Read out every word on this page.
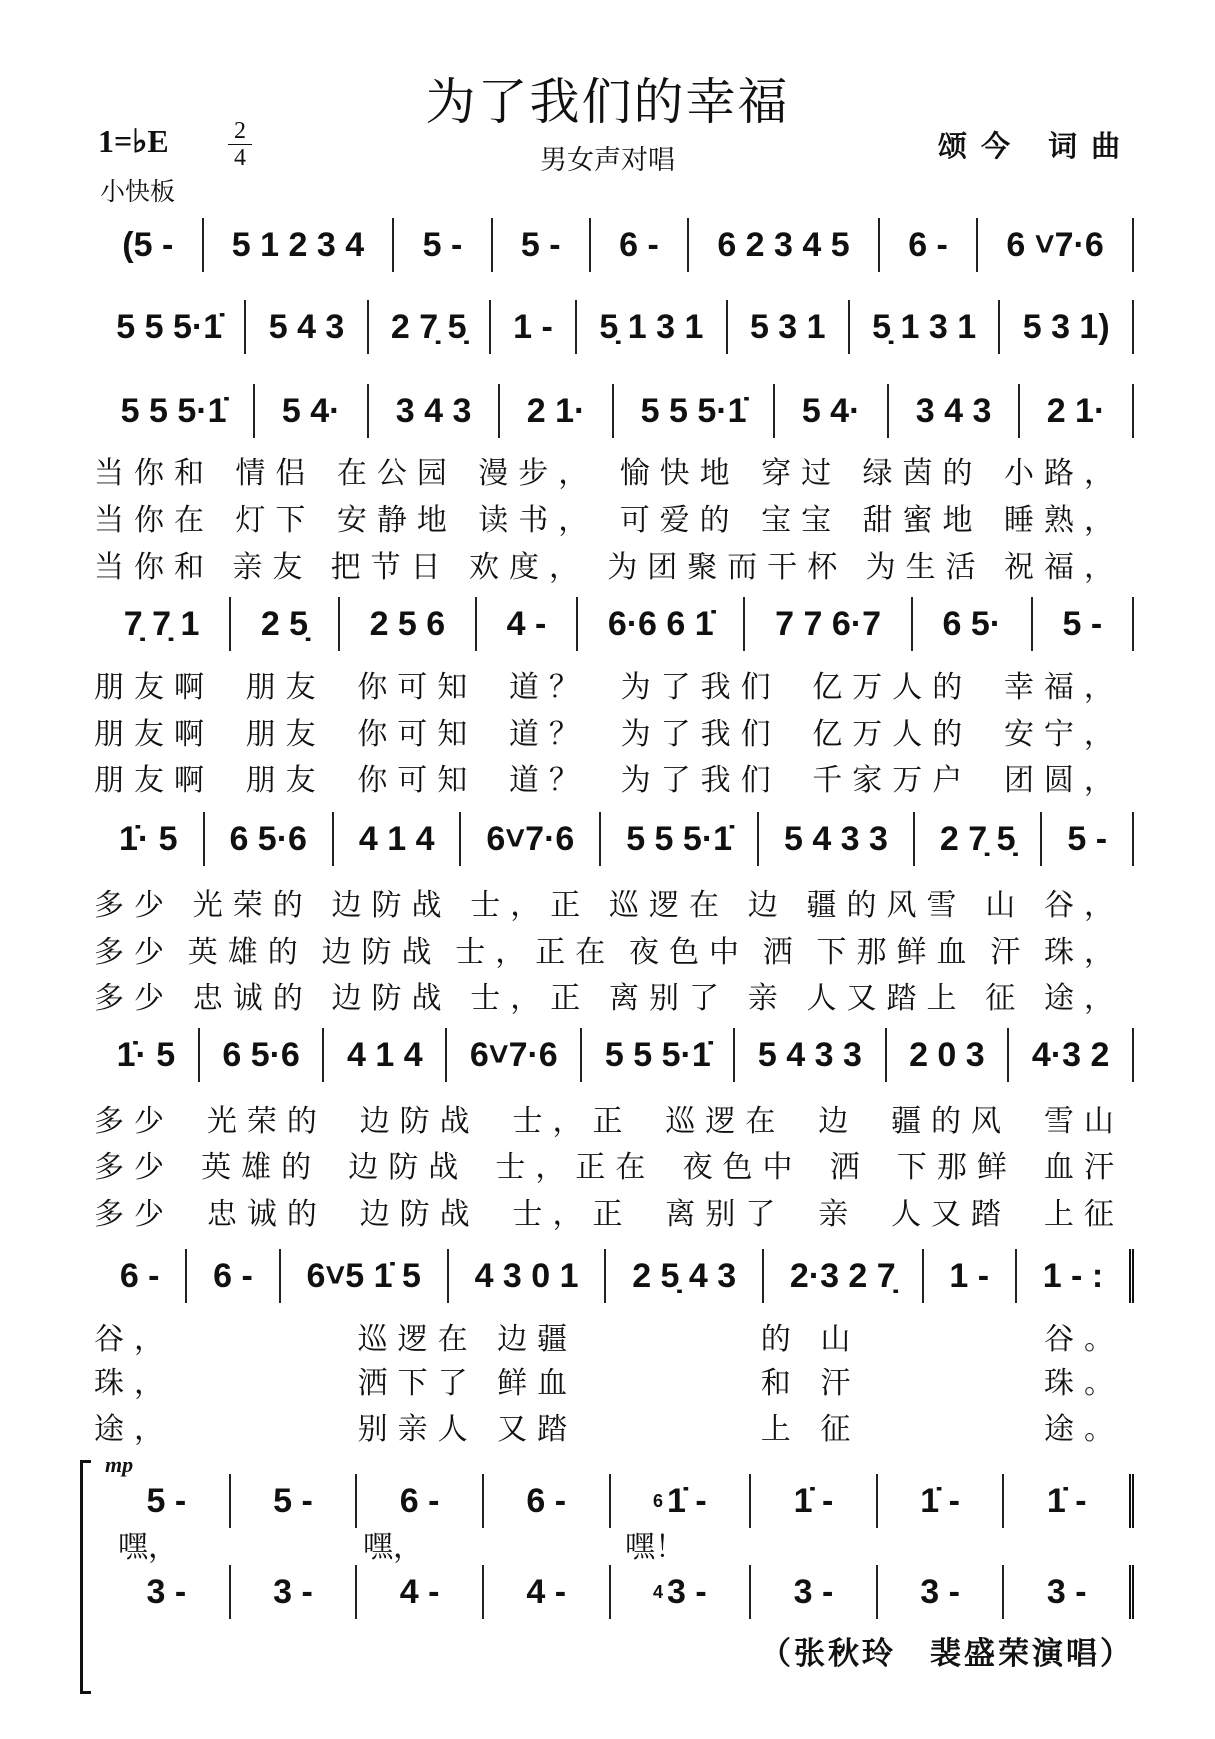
为了我们的幸福
1=♭E	2
4	男女声对唱	颂今 词曲
小快板
(5 -	5 1 2 3 4	5 -	5 -	6 -	6 2 3 4 5	6 -	6 ˅7·6
5 5 5·1̇	5 4 3	2 7̣ 5̣	1 -	5̣ 1 3 1	5 3 1	5̣ 1 3 1	5 3 1)
5 5 5·1̇	5 4·	3 4 3	2 1·	5 5 5·1̇	5 4·	3 4 3	2 1·
当你和 情侣 在公园 漫步， 愉快地 穿过 绿茵的 小路，
当你在 灯下 安静地 读书， 可爱的 宝宝 甜蜜地 睡熟，
当你和 亲友 把节日 欢度， 为团聚而干杯 为生活 祝福，
7̣ 7̣ 1	2 5̣	2 5 6	4 -	6·6 6 1̇	7 7 6·7	6 5·	5 -
朋友啊 朋友 你可知 道？ 为了我们 亿万人的 幸福，
朋友啊 朋友 你可知 道？ 为了我们 亿万人的 安宁，
朋友啊 朋友 你可知 道？ 为了我们 千家万户 团圆，
1̇· 5	6 5·6	4 1 4	6˅7·6	5 5 5·1̇	5 4 3 3	2 7̣ 5̣	5 -
多少 光荣的 边防战 士，正 巡逻在 边 疆的风雪 山 谷，
多少 英雄的 边防战 士，正在 夜色中 洒 下那鲜血 汗 珠，
多少 忠诚的 边防战 士，正 离别了 亲 人又踏上 征 途，
1̇· 5	6 5·6	4 1 4	6˅7·6	5 5 5·1̇	5 4 3 3	2 0 3	4·3 2
多少 光荣的 边防战 士，正 巡逻在 边 疆的风 雪山
多少 英雄的 边防战 士，正在 夜色中 洒 下那鲜 血汗
多少 忠诚的 边防战 士，正 离别了 亲 人又踏 上征
6 -	6 -	6˅5 1̇ 5	4 3 0 1	2 5̣ 4 3	2·3 2 7̣	1 -	1 - :
谷，	巡逻在 边疆	的 山	谷。
珠，	洒下了 鲜血	和 汗	珠。
途，	别亲人 又踏	上 征	途。
mp
5 -	5 -	6 -	6 -	6 1̇ -	1̇ -	1̇ -	1̇ -
3 -	3 -	4 -	4 -	4 3 -	3 -	3 -	3 -
嘿，	嘿，	嘿！
（张秋玲　裴盛荣演唱）
